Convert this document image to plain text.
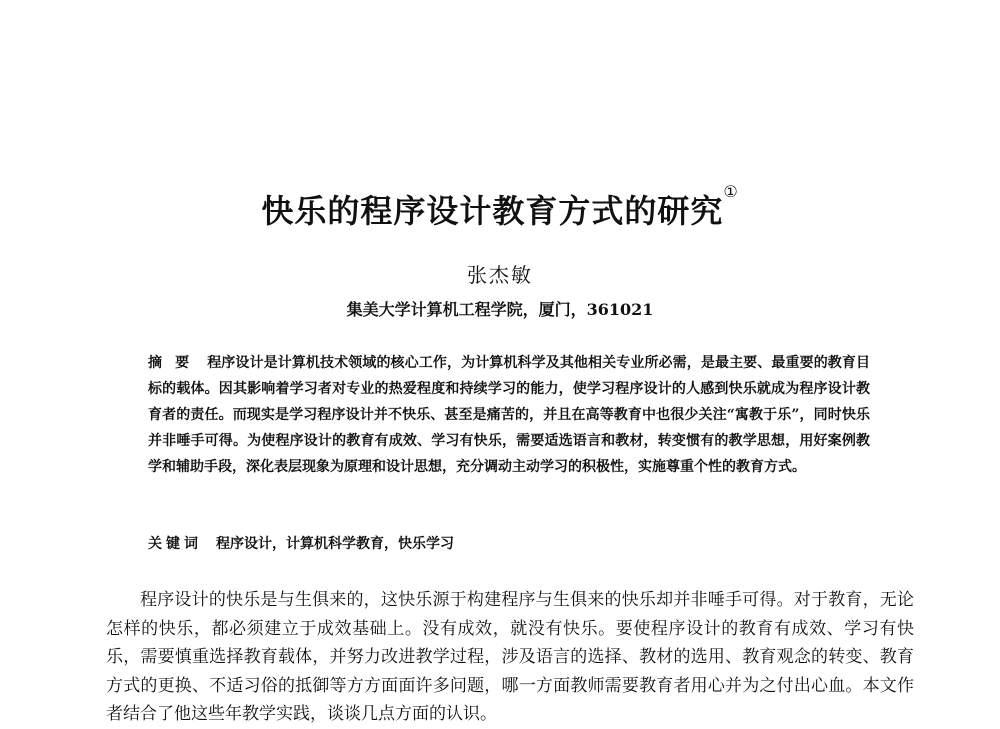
快乐的程序设计教育方式的研究①
张杰敏
集美大学计算机工程学院，厦门，361021
摘 要 程序设计是计算机技术领域的核心工作，为计算机科学及其他相关专业所必需，是最主要、最重要的教育目标的载体。因其影响着学习者对专业的热爱程度和持续学习的能力，使学习程序设计的人感到快乐就成为程序设计教育者的责任。而现实是学习程序设计并不快乐、甚至是痛苦的，并且在高等教育中也很少关注“寓教于乐”，同时快乐并非唾手可得。为使程序设计的教育有成效、学习有快乐，需要适选语言和教材，转变惯有的教学思想，用好案例教学和辅助手段，深化表层现象为原理和设计思想，充分调动主动学习的积极性，实施尊重个性的教育方式。
关键词 程序设计，计算机科学教育，快乐学习

程序设计的快乐是与生俱来的，这快乐源于构建程序与生俱来的快乐却并非唾手可得。对于教育，无论怎样的快乐，都必须建立于成效基础上。没有成效，就没有快乐。要使程序设计的教育有成效、学习有快乐，需要慎重选择教育载体，并努力改进教学过程，涉及语言的选择、教材的选用、教育观念的转变、教育方式的更换、不适习俗的抵御等方方面面许多问题，哪一方面教师需要教育者用心并为之付出心血。本文作者结合了他这些年教学实践，谈谈几点方面的认识。
